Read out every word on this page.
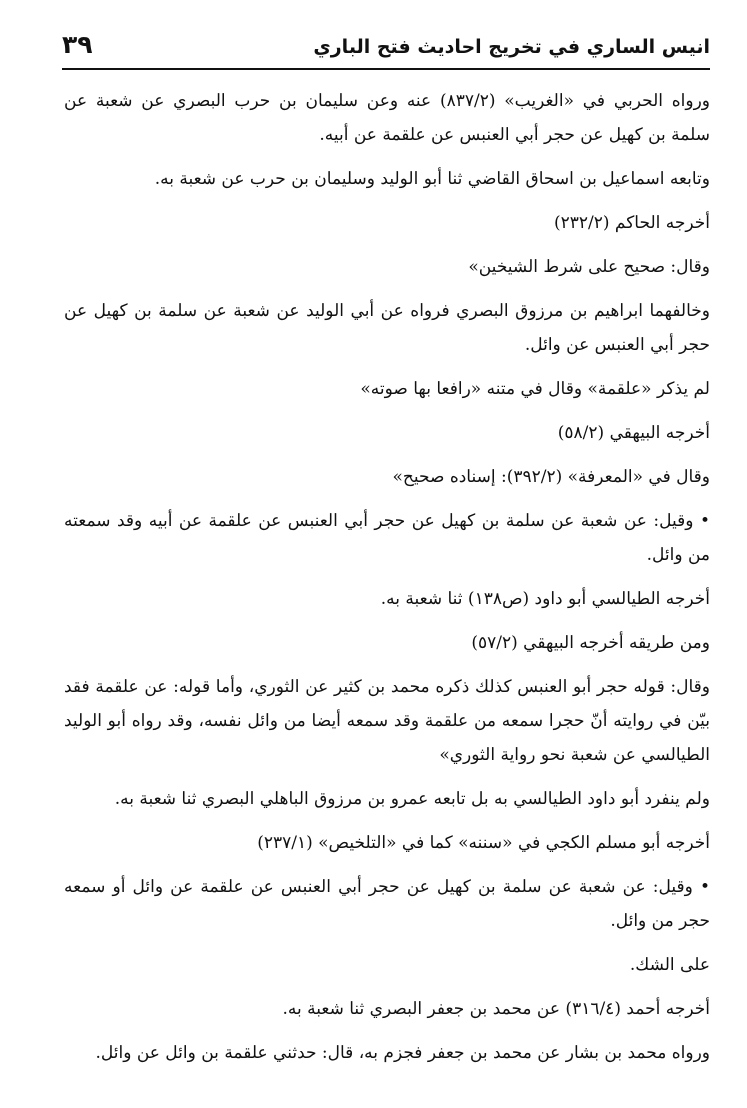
انيس الساري في تخريج احاديث فتح الباري
٣٩

ورواه الحربي في «الغريب» (٨٣٧/٢) عنه وعن سليمان بن حرب البصري عن شعبة عن سلمة بن كهيل عن حجر أبي العنبس عن علقمة عن أبيه.

وتابعه اسماعيل بن اسحاق القاضي ثنا أبو الوليد وسليمان بن حرب عن شعبة به.

أخرجه الحاكم (٢٣٢/٢)

وقال: صحيح على شرط الشيخين»

وخالفهما ابراهيم بن مرزوق البصري فرواه عن أبي الوليد عن شعبة عن سلمة بن كهيل عن حجر أبي العنبس عن وائل.

لم يذكر «علقمة» وقال في متنه «رافعا بها صوته»

أخرجه البيهقي (٥٨/٢)

وقال في «المعرفة» (٣٩٢/٢): إسناده صحيح»

• وقيل: عن شعبة عن سلمة بن كهيل عن حجر أبي العنبس عن علقمة عن أبيه وقد سمعته من وائل.

أخرجه الطيالسي أبو داود (ص١٣٨) ثنا شعبة به.

ومن طريقه أخرجه البيهقي (٥٧/٢)

وقال: قوله حجر أبو العنبس كذلك ذكره محمد بن كثير عن الثوري، وأما قوله: عن علقمة فقد بيّن في روايته أنّ حجرا سمعه من علقمة وقد سمعه أيضا من وائل نفسه، وقد رواه أبو الوليد الطيالسي عن شعبة نحو رواية الثوري»

ولم ينفرد أبو داود الطيالسي به بل تابعه عمرو بن مرزوق الباهلي البصري ثنا شعبة به.

أخرجه أبو مسلم الكجي في «سننه» كما في «التلخيص» (٢٣٧/١)

• وقيل: عن شعبة عن سلمة بن كهيل عن حجر أبي العنبس عن علقمة عن وائل أو سمعه حجر من وائل.

على الشك.

أخرجه أحمد (٣١٦/٤) عن محمد بن جعفر البصري ثنا شعبة به.

ورواه محمد بن بشار عن محمد بن جعفر فجزم به، قال: حدثني علقمة بن وائل عن وائل.
